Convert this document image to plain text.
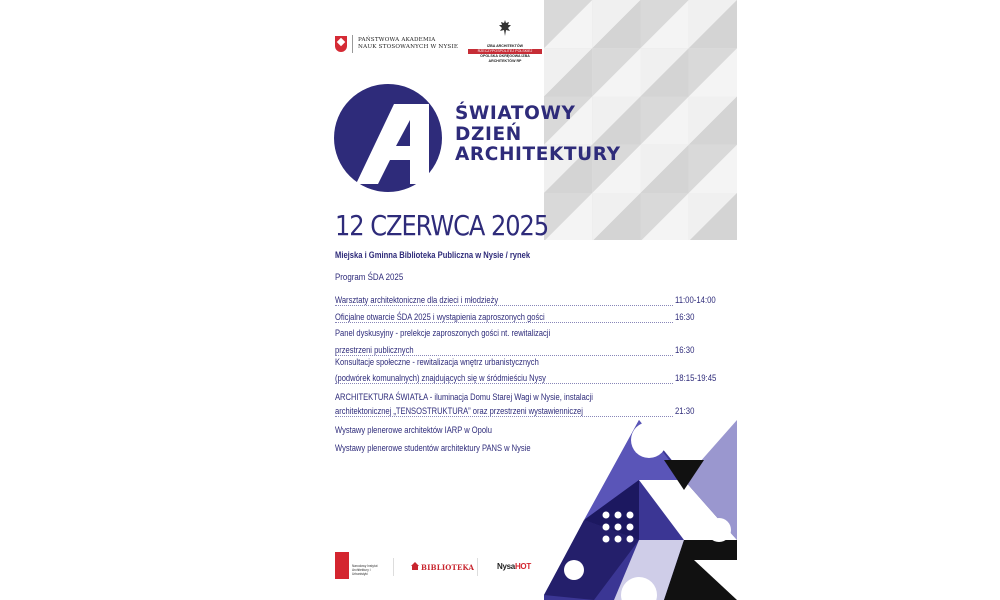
PAŃSTWOWA AKADEMIA
NAUK STOSOWANYCH W NYSIE	IZBA ARCHITEKTÓW
RZECZYPOSPOLITEJ POLSKIEJ
OPOLSKA OKRĘGOWA IZBA
ARCHITEKTÓW RP
ŚWIATOWY
DZIEŃ
ARCHITEKTURY
12 CZERWCA 2025
Miejska i Gminna Biblioteka Publiczna w Nysie / rynek
Program ŚDA 2025
Warsztaty architektoniczne dla dzieci i młodzieży	11:00-14:00
Oficjalne otwarcie ŚDA 2025 i wystąpienia zaproszonych gości	16:30
Panel dyskusyjny - prelekcje zaproszonych gości nt. rewitalizacji
przestrzeni publicznych	16:30
Konsultacje społeczne - rewitalizacja wnętrz urbanistycznych
(podwórek komunalnych) znajdujących się w śródmieściu Nysy	18:15-19:45
ARCHITEKTURA ŚWIATŁA - iluminacja Domu Starej Wagi w Nysie, instalacji
architektonicznej „TENSOSTRUKTURA” oraz przestrzeni wystawienniczej	21:30
Wystawy plenerowe architektów IARP w Opolu
Wystawy plenerowe studentów architektury PANS w Nysie
Narodowy Instytut Architektury i Urbanistyki
BIBLIOTEKA	NysaHOT
